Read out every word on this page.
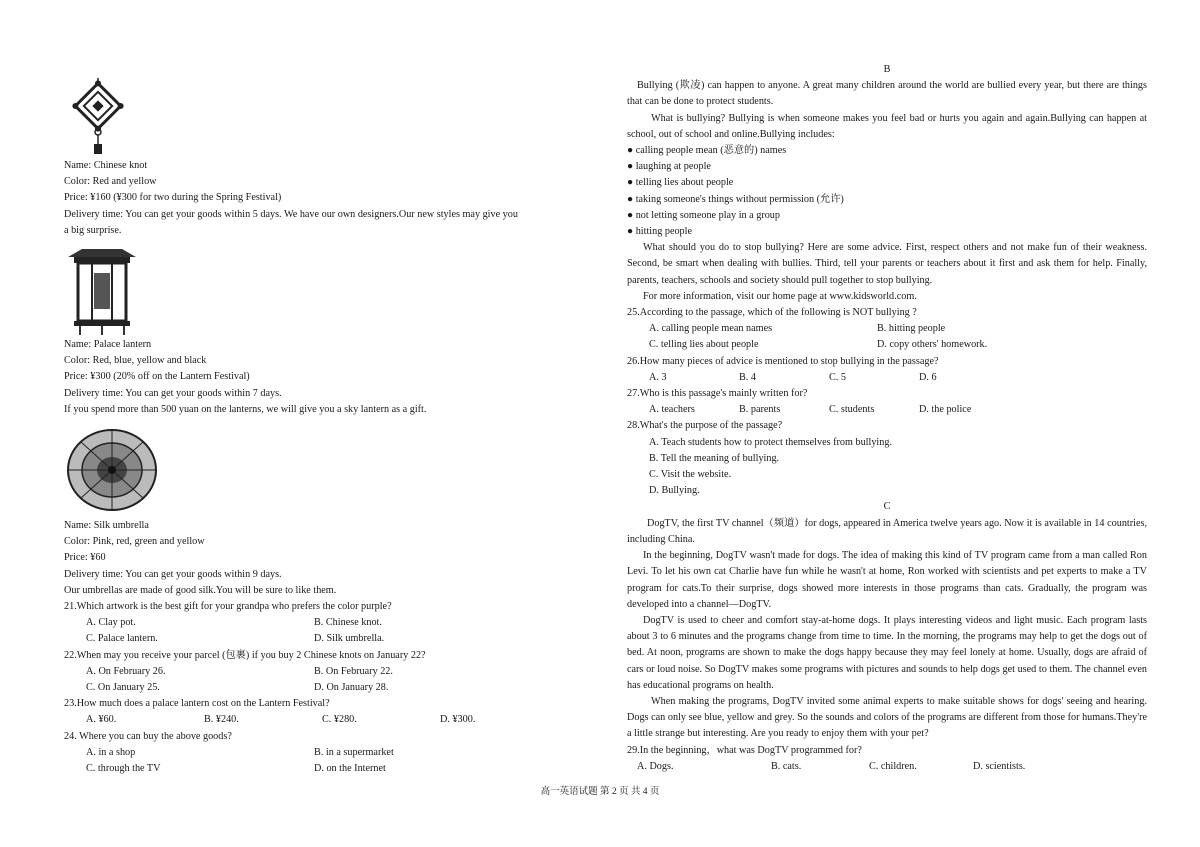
Name: Chinese knot
Color: Red and yellow
Price: ¥160 (¥300 for two during the Spring Festival)
Delivery time: You can get your goods within 5 days. We have our own designers.Our new styles may give you
a big surprise.
Name: Palace lantern
Color: Red, blue, yellow and black
Price: ¥300 (20% off on the Lantern Festival)
Delivery time: You can get your goods within 7 days.
If you spend more than 500 yuan on the lanterns, we will give you a sky lantern as a gift.
Name: Silk umbrella
Color: Pink, red, green and yellow
Price: ¥60
Delivery time: You can get your goods within 9 days.
Our umbrellas are made of good silk.You will be sure to like them.
21.Which artwork is the best gift for your grandpa who prefers the color purple?
A. Clay pot.	B. Chinese knot.
C. Palace lantern.	D. Silk umbrella.
22.When may you receive your parcel (包裹) if you buy 2 Chinese knots on January 22?
A. On February 26.	B. On February 22.
C. On January 25.	D. On January 28.
23.How much does a palace lantern cost on the Lantern Festival?
A. ¥60.	B. ¥240.	C. ¥280.	D. ¥300.
24. Where you can buy the above goods?
A. in a shop	B. in a supermarket
C. through the TV	D. on the Internet
B
Bullying (欺凌) can happen to anyone. A great many children around the world are bullied every year, but there are things that can be done to protect students.
What is bullying? Bullying is when someone makes you feel bad or hurts you again and again.Bullying can happen at school, out of school and online.Bullying includes:
● calling people mean (恶意的) names
● laughing at people
● telling lies about people
● taking someone's things without permission (允许)
● not letting someone play in a group
● hitting people
What should you do to stop bullying? Here are some advice. First, respect others and not make fun of their weakness. Second, be smart when dealing with bullies. Third, tell your parents or teachers about it first and ask them for help. Finally, parents, teachers, schools and society should pull together to stop bullying.
For more information, visit our home page at www.kidsworld.com.
25.According to the passage, which of the following is NOT bullying ?
A. calling people mean names	B. hitting people
C. telling lies about people	D. copy others' homework.
26.How many pieces of advice is mentioned to stop bullying in the passage?
A. 3	B. 4	C. 5	D. 6
27.Who is this passage's mainly written for?
A. teachers	B. parents	C. students	D. the police
28.What's the purpose of the passage?
A. Teach students how to protect themselves from bullying.
B. Tell the meaning of bullying.
C. Visit the website.
D. Bullying.
C
DogTV, the first TV channel（频道）for dogs, appeared in America twelve years ago. Now it is available in 14 countries, including China.
In the beginning, DogTV wasn't made for dogs. The idea of making this kind of TV program came from a man called Ron Levi. To let his own cat Charlie have fun while he wasn't at home, Ron worked with scientists and pet experts to make a TV program for cats.To their surprise, dogs showed more interests in those programs than cats. Gradually, the program was developed into a channel—DogTV.
DogTV is used to cheer and comfort stay-at-home dogs. It plays interesting videos and light music. Each program lasts about 3 to 6 minutes and the programs change from time to time. In the morning, the programs may help to get the dogs out of bed. At noon, programs are shown to make the dogs happy because they may feel lonely at home. Usually, dogs are afraid of cars or loud noise. So DogTV makes some programs with pictures and sounds to help dogs get used to them. The channel even has educational programs on health.
When making the programs, DogTV invited some animal experts to make suitable shows for dogs' seeing and hearing. Dogs can only see blue, yellow and grey. So the sounds and colors of the programs are different from those for humans.They're a little strange but interesting. Are you ready to enjoy them with your pet?
29.In the beginning，what was DogTV programmed for?
A. Dogs.	B. cats.	C. children.	D. scientists.
高一英语试题 第 2 页 共 4 页
